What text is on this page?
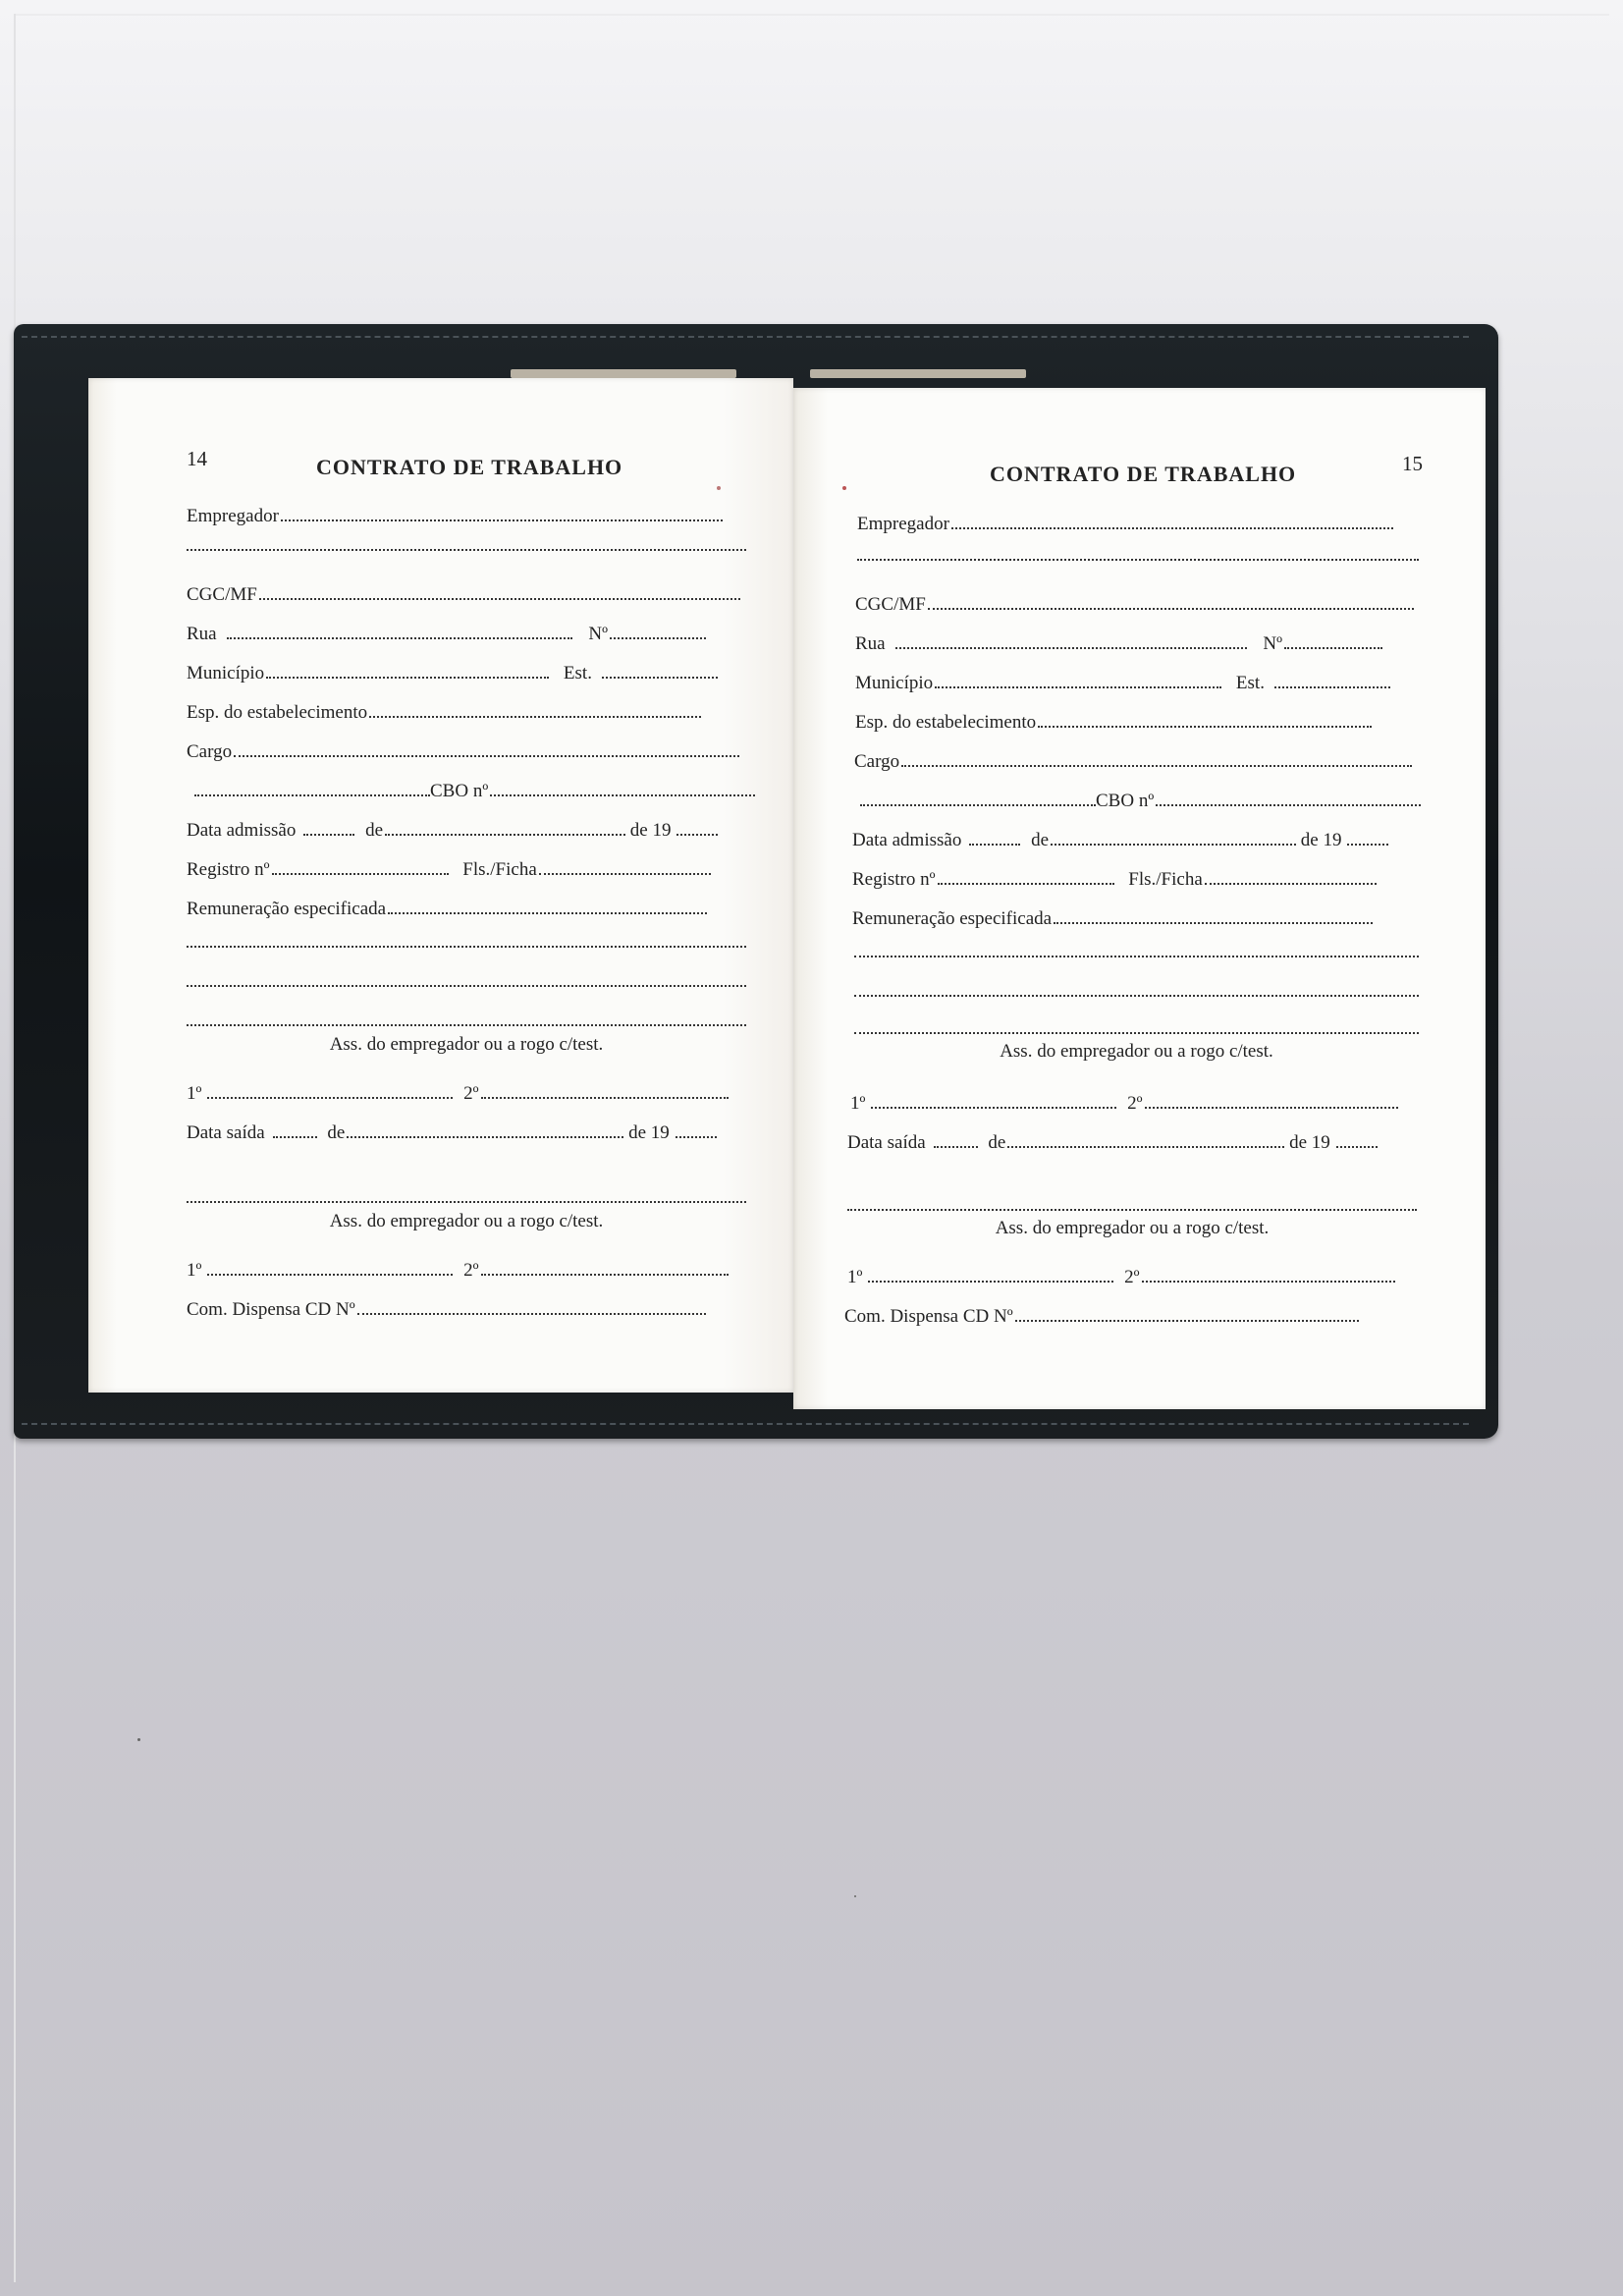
14	CONTRATO DE TRABALHO
Empregador
CGC/MF
Rua	Nº
Município	Est.
Esp. do estabelecimento
Cargo
CBO nº
Data admissão	de	de 19
Registro nº	Fls./Ficha
Remuneração especificada
Ass. do empregador ou a rogo c/test.
1º	2º
Data saída	de	de 19
Ass. do empregador ou a rogo c/test.
1º	2º
Com. Dispensa CD Nº
15
CONTRATO DE TRABALHO
Empregador
CGC/MF
Rua	Nº
Município	Est.
Esp. do estabelecimento
Cargo
CBO nº
Data admissão	de	de 19
Registro nº	Fls./Ficha
Remuneração especificada
Ass. do empregador ou a rogo c/test.
1º	2º
Data saída	de	de 19
Ass. do empregador ou a rogo c/test.
1º	2º
Com. Dispensa CD Nº
